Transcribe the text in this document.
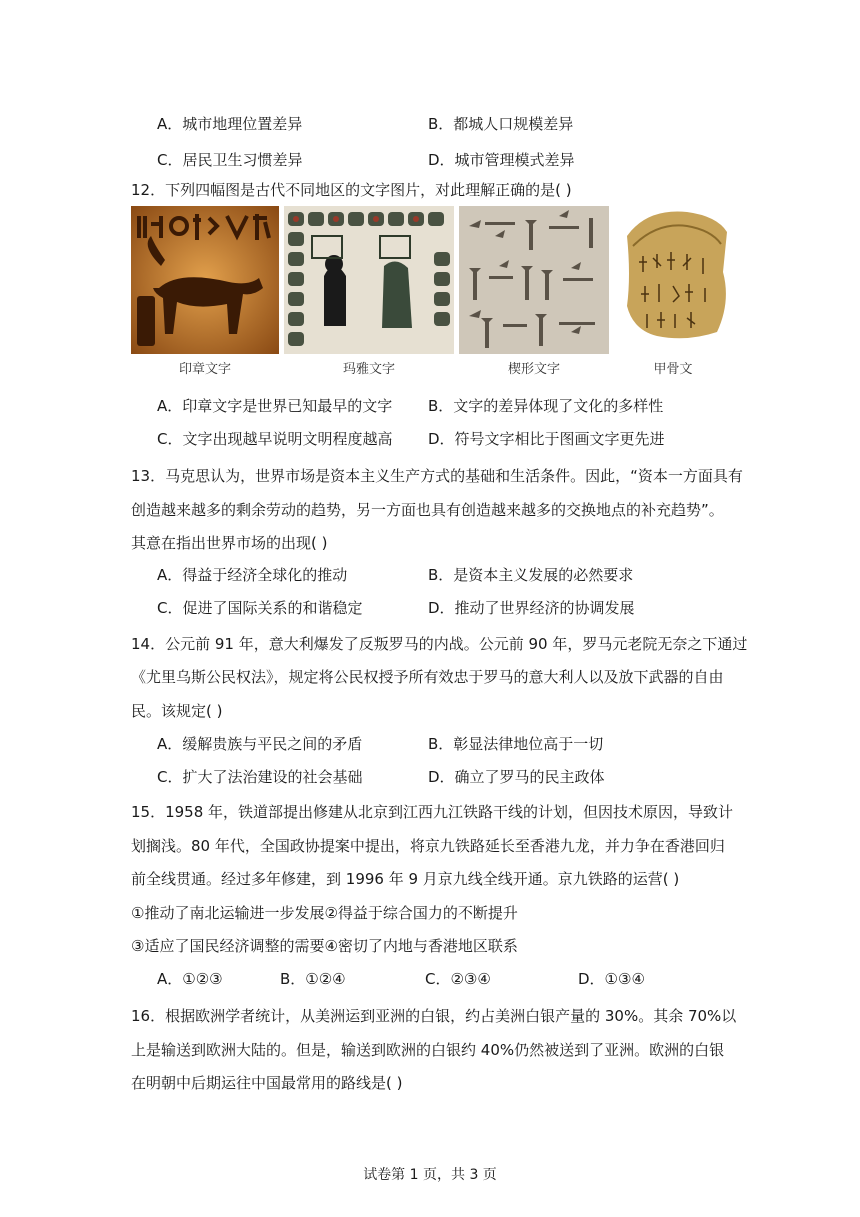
A．城市地理位置差异	B．都城人口规模差异
C．居民卫生习惯差异	D．城市管理模式差异
12．下列四幅图是古代不同地区的文字图片，对此理解正确的是( )
印章文字	玛雅文字	楔形文字	甲骨文
A．印章文字是世界已知最早的文字 B．文字的差异体现了文化的多样性
C．文字出现越早说明文明程度越高 D．符号文字相比于图画文字更先进
13．马克思认为，世界市场是资本主义生产方式的基础和生活条件。因此，“资本一方面具有
创造越来越多的剩余劳动的趋势，另一方面也具有创造越来越多的交换地点的补充趋势”。
其意在指出世界市场的出现( )
A．得益于经济全球化的推动	B．是资本主义发展的必然要求
C．促进了国际关系的和谐稳定	D．推动了世界经济的协调发展
14．公元前 91 年，意大利爆发了反叛罗马的内战。公元前 90 年，罗马元老院无奈之下通过
《尤里乌斯公民权法》，规定将公民权授予所有效忠于罗马的意大利人以及放下武器的自由
民。该规定( )
A．缓解贵族与平民之间的矛盾	B．彰显法律地位高于一切
C．扩大了法治建设的社会基础	D．确立了罗马的民主政体
15．1958 年，铁道部提出修建从北京到江西九江铁路干线的计划，但因技术原因，导致计
划搁浅。80 年代，全国政协提案中提出，将京九铁路延长至香港九龙，并力争在香港回归
前全线贯通。经过多年修建，到 1996 年 9 月京九线全线开通。京九铁路的运营( )
①推动了南北运输进一步发展②得益于综合国力的不断提升
③适应了国民经济调整的需要④密切了内地与香港地区联系
A．①②③	B．①②④	C．②③④	D．①③④
16．根据欧洲学者统计，从美洲运到亚洲的白银，约占美洲白银产量的 30%。其余 70%以
上是输送到欧洲大陆的。但是，输送到欧洲的白银约 40%仍然被送到了亚洲。欧洲的白银
在明朝中后期运往中国最常用的路线是( )
试卷第 1 页，共 3 页
